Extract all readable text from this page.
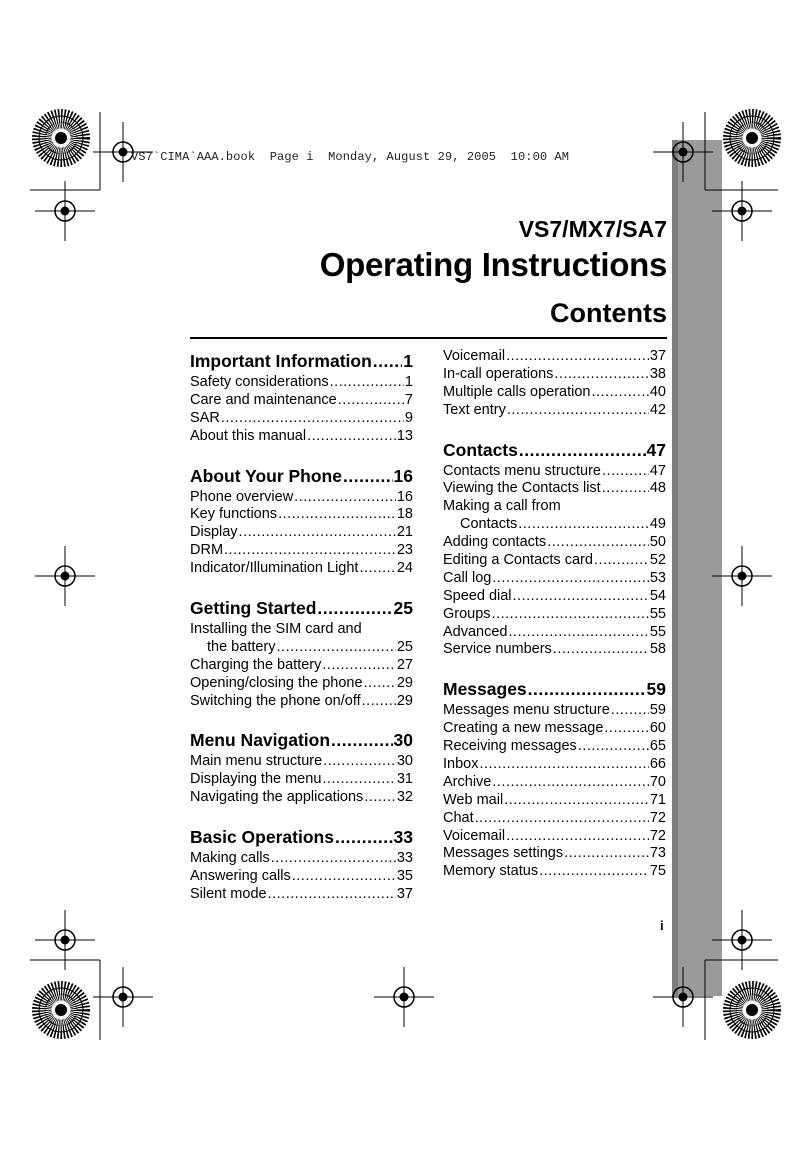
VS7`CIMA`AAA.book  Page i  Monday, August 29, 2005  10:00 AM
VS7/MX7/SA7
Operating Instructions
Contents
Important Information ..... 1
Safety considerations .....	1
Care and maintenance .....	7
SAR .....	9
About this manual .....	13
About Your Phone .....	16
Phone overview .....	16
Key functions .....	18
Display .....	21
DRM .....	23
Indicator/Illumination Light .....	24
Getting Started .....	25
Installing the SIM card and
the battery .....	25
Charging the battery .....	27
Opening/closing the phone ..... 29
Switching the phone on/off ..... 29
Menu Navigation .....	30
Main menu structure .....	30
Displaying the menu .....	31
Navigating the applications ..... 32
Basic Operations .....	33
Making calls .....	33
Answering calls .....	35
Silent mode .....	37
Voicemail .....	37
In-call operations .....	38
Multiple calls operation .....	40
Text entry .....	42
Contacts .....	47
Contacts menu structure .....	47
Viewing the Contacts list .....	48
Making a call from
Contacts .....	49
Adding contacts .....	50
Editing a Contacts card .....	52
Call log .....	53
Speed dial .....	54
Groups .....	55
Advanced .....	55
Service numbers .....	58
Messages .....	59
Messages menu structure .....	59
Creating a new message .....	60
Receiving messages .....	65
Inbox .....	66
Archive .....	70
Web mail .....	71
Chat .....	72
Voicemail .....	72
Messages settings .....	73
Memory status .....	75
i
